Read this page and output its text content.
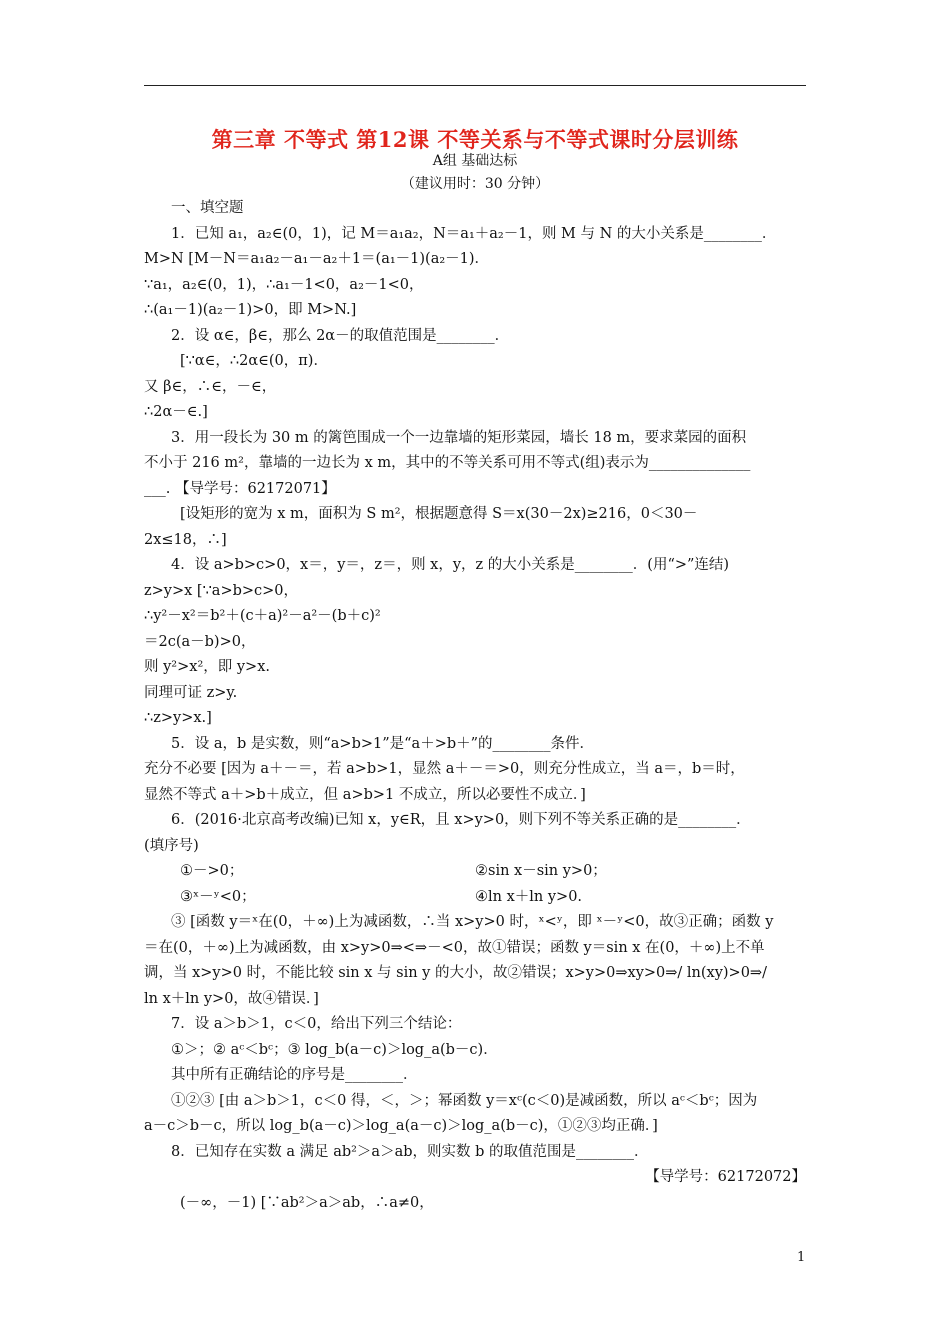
第三章 不等式 第12课 不等关系与不等式课时分层训练
A组 基础达标
（建议用时：30 分钟）
一、填空题
1．已知 a₁，a₂∈(0，1)，记 M＝a₁a₂，N＝a₁＋a₂－1，则 M 与 N 的大小关系是________．
M>N [M－N＝a₁a₂－a₁－a₂＋1＝(a₁－1)(a₂－1)．
∵a₁，a₂∈(0，1)，∴a₁－1<0，a₂－1<0，
∴(a₁－1)(a₂－1)>0，即 M>N.]
2．设 α∈，β∈，那么 2α－的取值范围是________．
[∵α∈，∴2α∈(0，π)．
又 β∈，∴∈，－∈，
∴2α－∈.]
3．用一段长为 30 m 的篱笆围成一个一边靠墙的矩形菜园，墙长 18 m，要求菜园的面积
不小于 216 m²，靠墙的一边长为 x m，其中的不等关系可用不等式(组)表示为______________
___. 【导学号：62172071】
[设矩形的宽为 x m，面积为 S m²，根据题意得 S＝x(30－2x)≥216，0＜30－
2x≤18，∴]
4．设 a>b>c>0，x＝，y＝，z＝，则 x，y，z 的大小关系是________．(用“>”连结)
z>y>x [∵a>b>c>0，
∴y²－x²＝b²＋(c＋a)²－a²－(b＋c)²
＝2c(a－b)>0，
则 y²>x²，即 y>x.
同理可证 z>y.
∴z>y>x.]
5．设 a，b 是实数，则“a>b>1”是“a＋>b＋”的________条件．
充分不必要 [因为 a＋－＝，若 a>b>1，显然 a＋－＝>0，则充分性成立，当 a＝，b＝时，
显然不等式 a＋>b＋成立，但 a>b>1 不成立，所以必要性不成立．]
6．(2016·北京高考改编)已知 x，y∈R，且 x>y>0，则下列不等关系正确的是________．
(填序号)
①－>0；	②sin x－sin y>0；
③ˣ－ʸ<0；	④ln x＋ln y>0.
③ [函数 y＝ˣ在(0，＋∞)上为减函数，∴当 x>y>0 时，ˣ<ʸ，即 ˣ－ʸ<0，故③正确；函数 y
＝在(0，＋∞)上为减函数，由 x>y>0⇒<⇒－<0，故①错误；函数 y＝sin x 在(0，＋∞)上不单
调，当 x>y>0 时，不能比较 sin x 与 sin y 的大小，故②错误；x>y>0⇒xy>0⇒/ ln(xy)>0⇒/
ln x＋ln y>0，故④错误．]
7．设 a＞b＞1，c＜0，给出下列三个结论：
①＞；② aᶜ＜bᶜ；③ log_b(a－c)＞log_a(b－c)．
其中所有正确结论的序号是________．
①②③ [由 a＞b＞1，c＜0 得，＜，＞；幂函数 y＝xᶜ(c＜0)是减函数，所以 aᶜ＜bᶜ；因为
a－c＞b－c，所以 log_b(a－c)＞log_a(a－c)＞log_a(b－c)，①②③均正确．]
8．已知存在实数 a 满足 ab²＞a＞ab，则实数 b 的取值范围是________．
【导学号：62172072】
(－∞，－1) [∵ab²＞a＞ab，∴a≠0，
1
